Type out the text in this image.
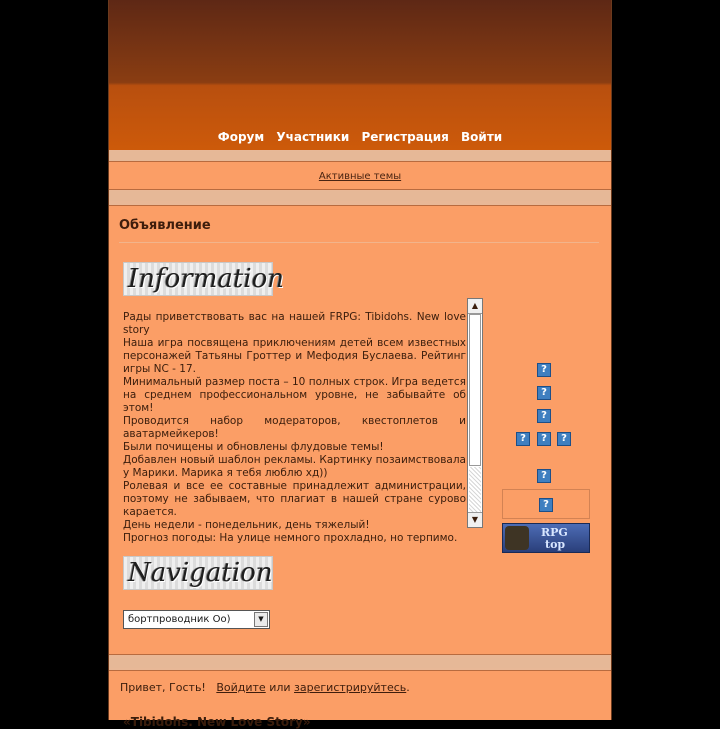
Форум Участники Регистрация Войти
Активные темы
Объявление
Information

Рады приветствовать вас на нашей FRPG: Tibidohs. New love story

Наша игра посвящена приключениям детей всем известных персонажей Татьяны Гроттер и Мефодия Буслаева. Рейтинг игры NC - 17.

Минимальный размер поста – 10 полных строк. Игра ведется на среднем профессиональном уровне, не забывайте об этом!

Проводится набор модераторов, квестоплетов и аватармейкеров!

Были почищены и обновлены флудовые темы!

Добавлен новый шаблон рекламы. Картинку позаимствовала у Марики. Марика я тебя люблю хд))

Ролевая и все ее составные принадлежит администрации, поэтому не забываем, что плагиат в нашей стране сурово карается.

День недели - понедельник, день тяжелый!

Прогноз погоды: На улице немного прохладно, но терпимо.

▲
▼
?
?
?
?	?	?
?
?
RPG
top
Navigation
бортпроводник Оо)	▼
Привет, Гость! Войдите или зарегистрируйтесь.
«Tibidohs. New Love Story»
